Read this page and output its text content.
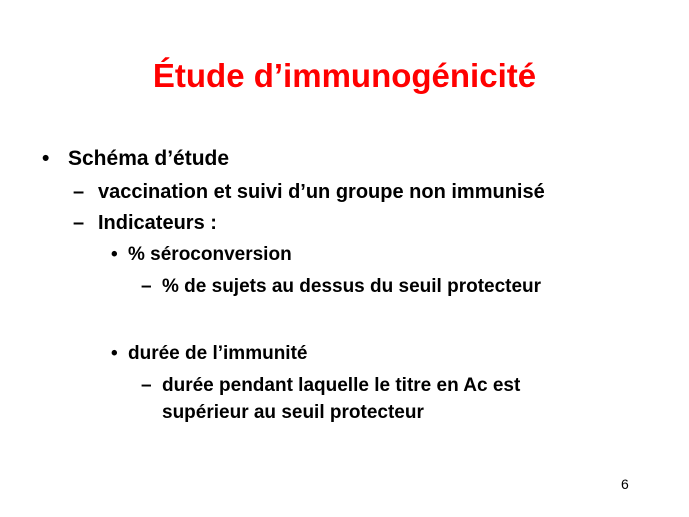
Étude d’immunogénicité
• Schéma d’étude
– vaccination et suivi d’un groupe non immunisé
– Indicateurs :
• % séroconversion
– % de sujets au dessus du seuil protecteur
• durée de l’immunité
– durée pendant laquelle le titre en Ac est
supérieur au seuil protecteur
6
